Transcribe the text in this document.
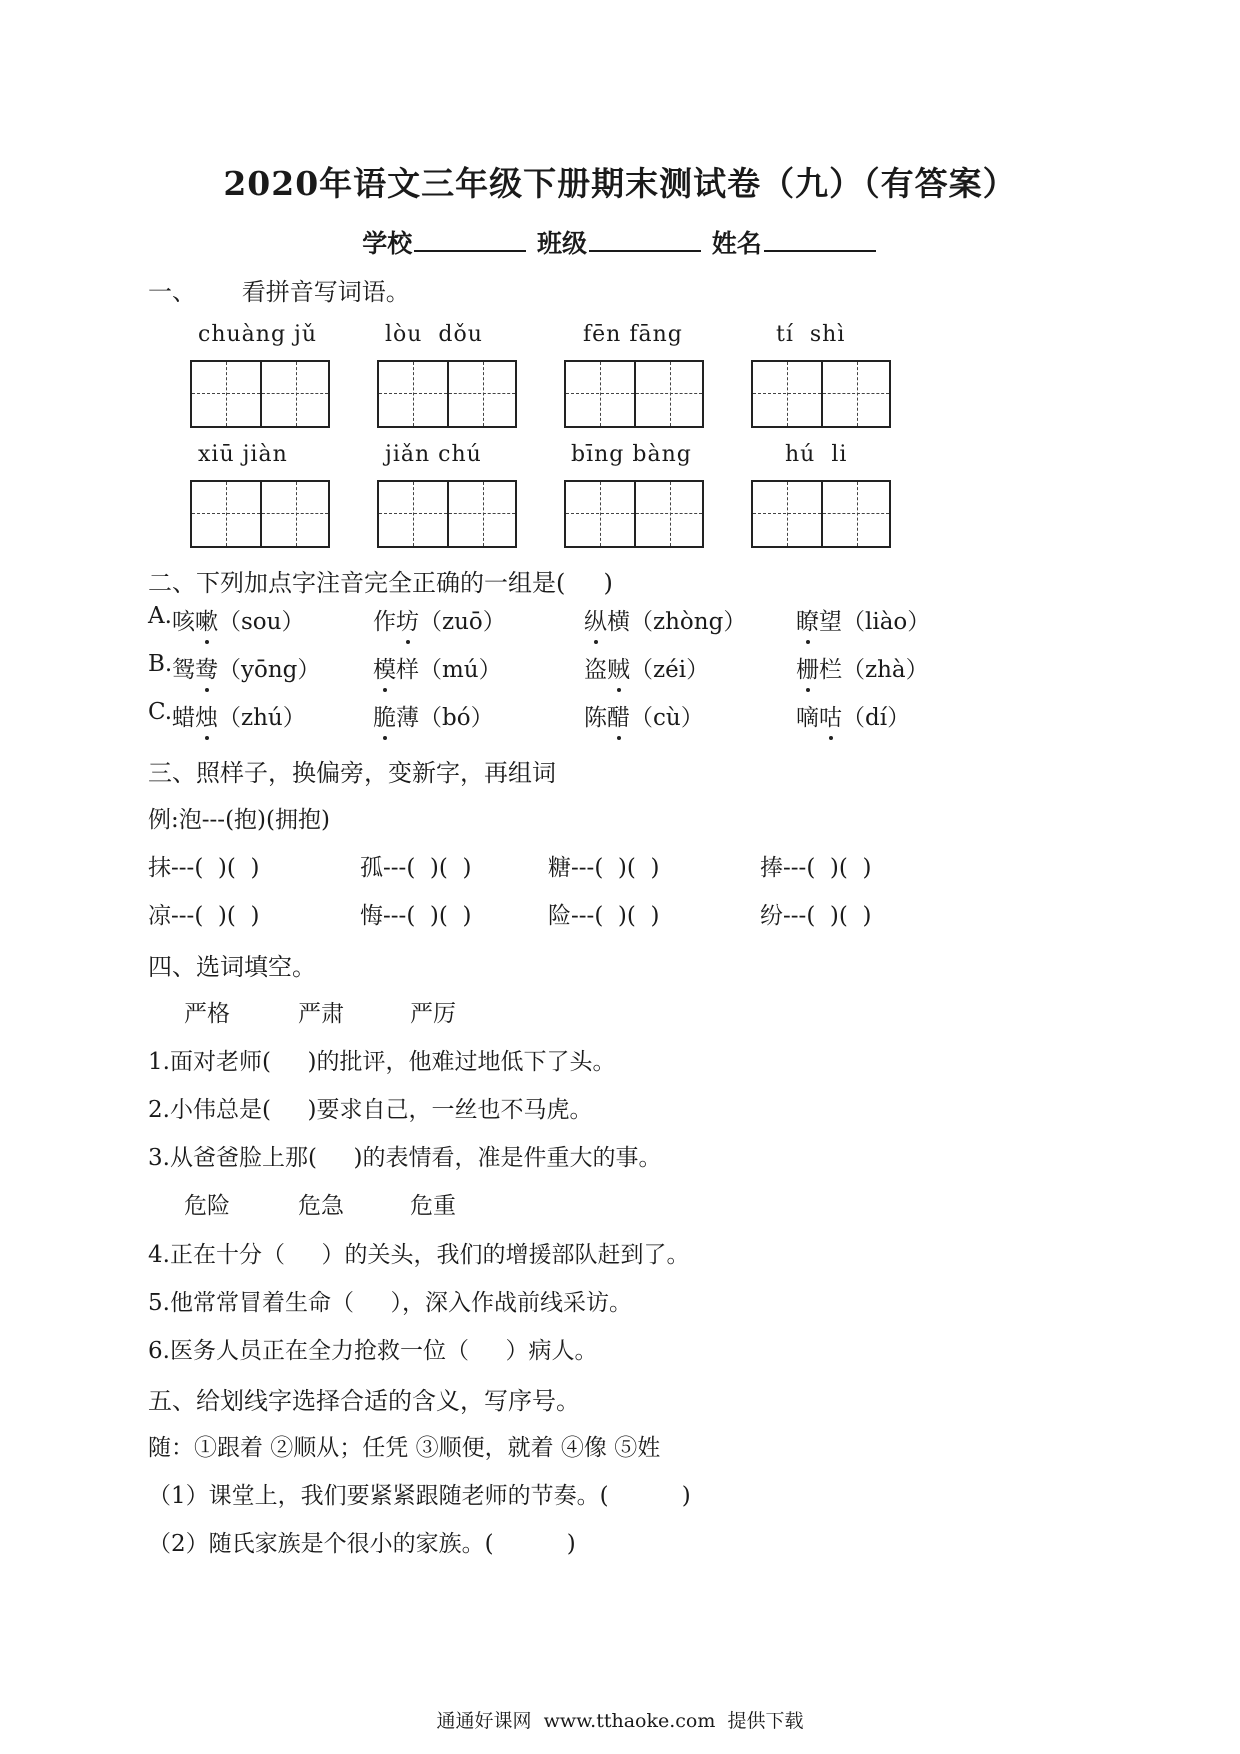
2020年语文三年级下册期末测试卷（九）（有答案）
学校	班级	姓名
一、      看拼音写词语。
chuàng jǔ	lòu  dǒu	fēn fāng	tí  shì
xiū jiàn	jiǎn chú	bīng bàng	hú  li
二、下列加点字注音完全正确的一组是(     )
A. 咳嗽（sou）	作坊（zuō）	纵横（zhòng） 瞭望（liào）
B. 鸳鸯（yōng） 模样（mú）	盗贼（zéi）	栅栏（zhà）
C. 蜡烛（zhú）	脆薄（bó）	陈醋（cù）	嘀咕（dí）
三、照样子，换偏旁，变新字，再组词
例:泡---(抱)(拥抱)
抹---(  )(  )	孤---(  )(  )	糖---(  )(  )	捧---(  )(  )
凉---(  )(  )	悔---(  )(  )	险---(  )(  )	纷---(  )(  )
四、选词填空。
严格	严肃	严厉
1.面对老师(     )的批评，他难过地低下了头。
2.小伟总是(     )要求自己，一丝也不马虎。
3.从爸爸脸上那(     )的表情看，准是件重大的事。
危险	危急	危重
4.正在十分（     ）的关头，我们的增援部队赶到了。
5.他常常冒着生命（     ），深入作战前线采访。
6.医务人员正在全力抢救一位（     ）病人。
五、给划线字选择合适的含义，写序号。
随：①跟着 ②顺从；任凭 ③顺便，就着 ④像 ⑤姓
（1）课堂上，我们要紧紧跟随老师的节奏。(          )
（2）随氏家族是个很小的家族。(          )
通通好课网  www.tthaoke.com  提供下载
